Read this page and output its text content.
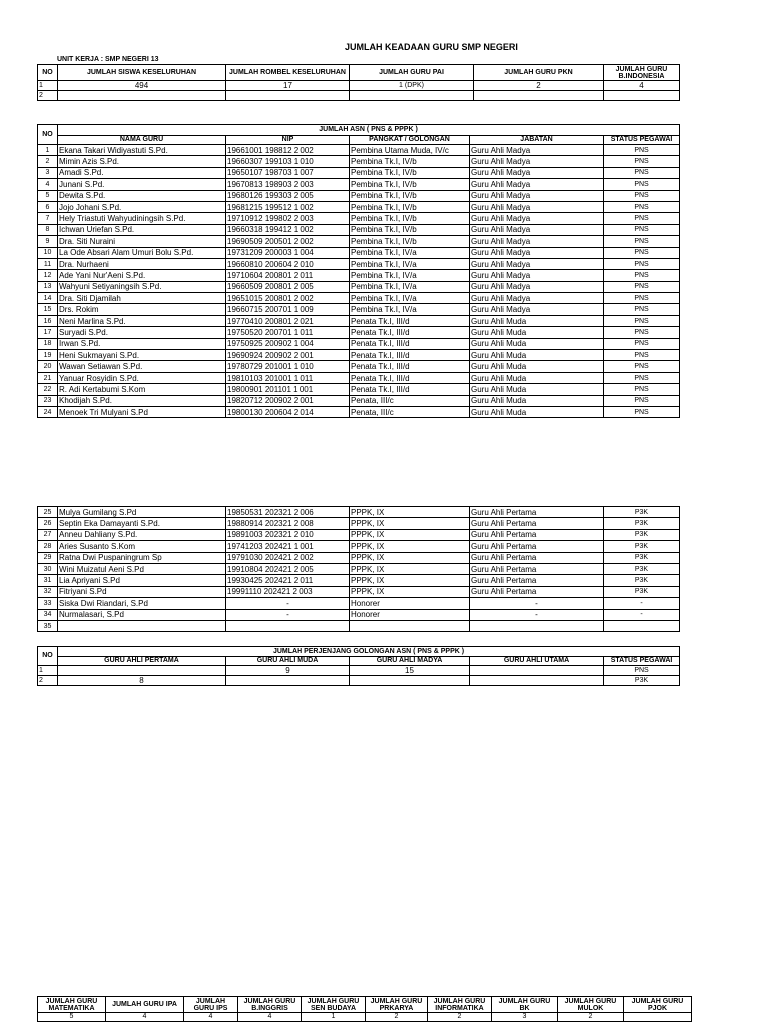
JUMLAH KEADAAN GURU SMP NEGERI
UNIT KERJA : SMP NEGERI 13
NO	JUMLAH SISWA KESELURUHAN	JUMLAH ROMBEL KESELURUHAN	JUMLAH GURU PAI	JUMLAH GURU PKN	JUMLAH GURU B.INDONESIA
1	494	17	1 (DPK)	2	4
2					
NO	JUMLAH ASN ( PNS & PPPK )				
	NAMA GURU	NIP	PANGKAT / GOLONGAN	JABATAN	STATUS PEGAWAI
1	Ekana Takari Widiyastuti S.Pd.	19661001 198812 2 002	Pembina Utama Muda, IV/c	Guru Ahli Madya	PNS
2	Mimin Azis S.Pd.	19660307 199103 1 010	Pembina Tk.I, IV/b	Guru Ahli Madya	PNS
3	Amadi S.Pd.	19650107 198703 1 007	Pembina Tk.I, IV/b	Guru Ahli Madya	PNS
4	Junani S.Pd.	19670813 198903 2 003	Pembina Tk.I, IV/b	Guru Ahli Madya	PNS
5	Dewita S.Pd.	19680126 199303 2 005	Pembina Tk.I, IV/b	Guru Ahli Madya	PNS
6	Jojo Johani S.Pd.	19681215 199512 1 002	Pembina Tk.I, IV/b	Guru Ahli Madya	PNS
7	Hely Triastuti Wahyudiningsih S.Pd.	19710912 199802 2 003	Pembina Tk.I, IV/b	Guru Ahli Madya	PNS
8	Ichwan Uriefan S.Pd.	19660318 199412 1 002	Pembina Tk.I, IV/b	Guru Ahli Madya	PNS
9	Dra. Siti Nuraini	19690509 200501 2 002	Pembina Tk.I, IV/b	Guru Ahli Madya	PNS
10	La Ode Absari Alam Umuri Bolu S.Pd.	19731209 200003 1 004	Pembina Tk.I, IV/a	Guru Ahli Madya	PNS
11	Dra. Nurhaeni	19660810 200604 2 010	Pembina Tk.I, IV/a	Guru Ahli Madya	PNS
12	Ade Yani Nur'Aeni S.Pd.	19710604 200801 2 011	Pembina Tk.I, IV/a	Guru Ahli Madya	PNS
13	Wahyuni Setiyaningsih S.Pd.	19660509 200801 2 005	Pembina Tk.I, IV/a	Guru Ahli Madya	PNS
14	Dra. Siti Djamilah	19651015 200801 2 002	Pembina Tk.I, IV/a	Guru Ahli Madya	PNS
15	Drs. Rokim	19660715 200701 1 009	Pembina Tk.I, IV/a	Guru Ahli Madya	PNS
16	Neni Marlina S.Pd.	19770410 200801 2 021	Penata Tk.I, III/d	Guru Ahli Muda	PNS
17	Suryadi S.Pd.	19750520 200701 1 011	Penata Tk.I, III/d	Guru Ahli Muda	PNS
18	Irwan S.Pd.	19750925 200902 1 004	Penata Tk.I, III/d	Guru Ahli Muda	PNS
19	Heni Sukmayani S.Pd.	19690924 200902 2 001	Penata Tk.I, III/d	Guru Ahli Muda	PNS
20	Wawan Setiawan S.Pd.	19780729 201001 1 010	Penata Tk.I, III/d	Guru Ahli Muda	PNS
21	Yanuar Rosyidin S.Pd.	19810103 201001 1 011	Penata Tk.I, III/d	Guru Ahli Muda	PNS
22	R. Adi Kertabumi S.Kom	19800901 201101 1 001	Penata Tk.I, III/d	Guru Ahli Muda	PNS
23	Khodijah S.Pd.	19820712 200902 2 001	Penata, III/c	Guru Ahli Muda	PNS
24	Menoek Tri Mulyani S.Pd	19800130 200604 2 014	Penata, III/c	Guru Ahli Muda	PNS
25	Mulya Gumilang S.Pd	19850531 202321 2 006	PPPK, IX	Guru Ahli Pertama	P3K
26	Septin Eka Damayanti S.Pd.	19880914 202321 2 008	PPPK, IX	Guru Ahli Pertama	P3K
27	Anneu Dahliany S.Pd.	19891003 202321 2 010	PPPK, IX	Guru Ahli Pertama	P3K
28	Aries Susanto S.Kom	19741203 202421 1 001	PPPK, IX	Guru Ahli Pertama	P3K
29	Ratna Dwi Puspaningrum Sp	19791030 202421 2 002	PPPK, IX	Guru Ahli Pertama	P3K
30	Wini Muizatul Aeni S.Pd	19910804 202421 2 005	PPPK, IX	Guru Ahli Pertama	P3K
31	Lia Apriyani S.Pd	19930425 202421 2 011	PPPK, IX	Guru Ahli Pertama	P3K
32	Fitriyani S.Pd	19991110 202421 2 003	PPPK, IX	Guru Ahli Pertama	P3K
33	Siska Dwi Riandari, S.Pd	-	Honorer	-	-
34	Nurmalasari, S.Pd	-	Honorer	-	-
35					
NO	JUMLAH PERJENJANG GOLONGAN ASN ( PNS & PPPK )				
	GURU AHLI PERTAMA	GURU AHLI MUDA	GURU AHLI MADYA	GURU AHLI UTAMA	STATUS PEGAWAI
1		9	15		PNS
2	8				P3K
JUMLAH GURU MATEMATIKA	JUMLAH GURU IPA	JUMLAH GURU IPS	JUMLAH GURU B.INGGRIS	JUMLAH GURU SEN BUDAYA	JUMLAH GURU PRKARYA	JUMLAH GURU INFORMATIKA	JUMLAH GURU BK	JUMLAH GURU MULOK	JUMLAH GURU PJOK
5	4	4	4	1	2	2	3	2	
